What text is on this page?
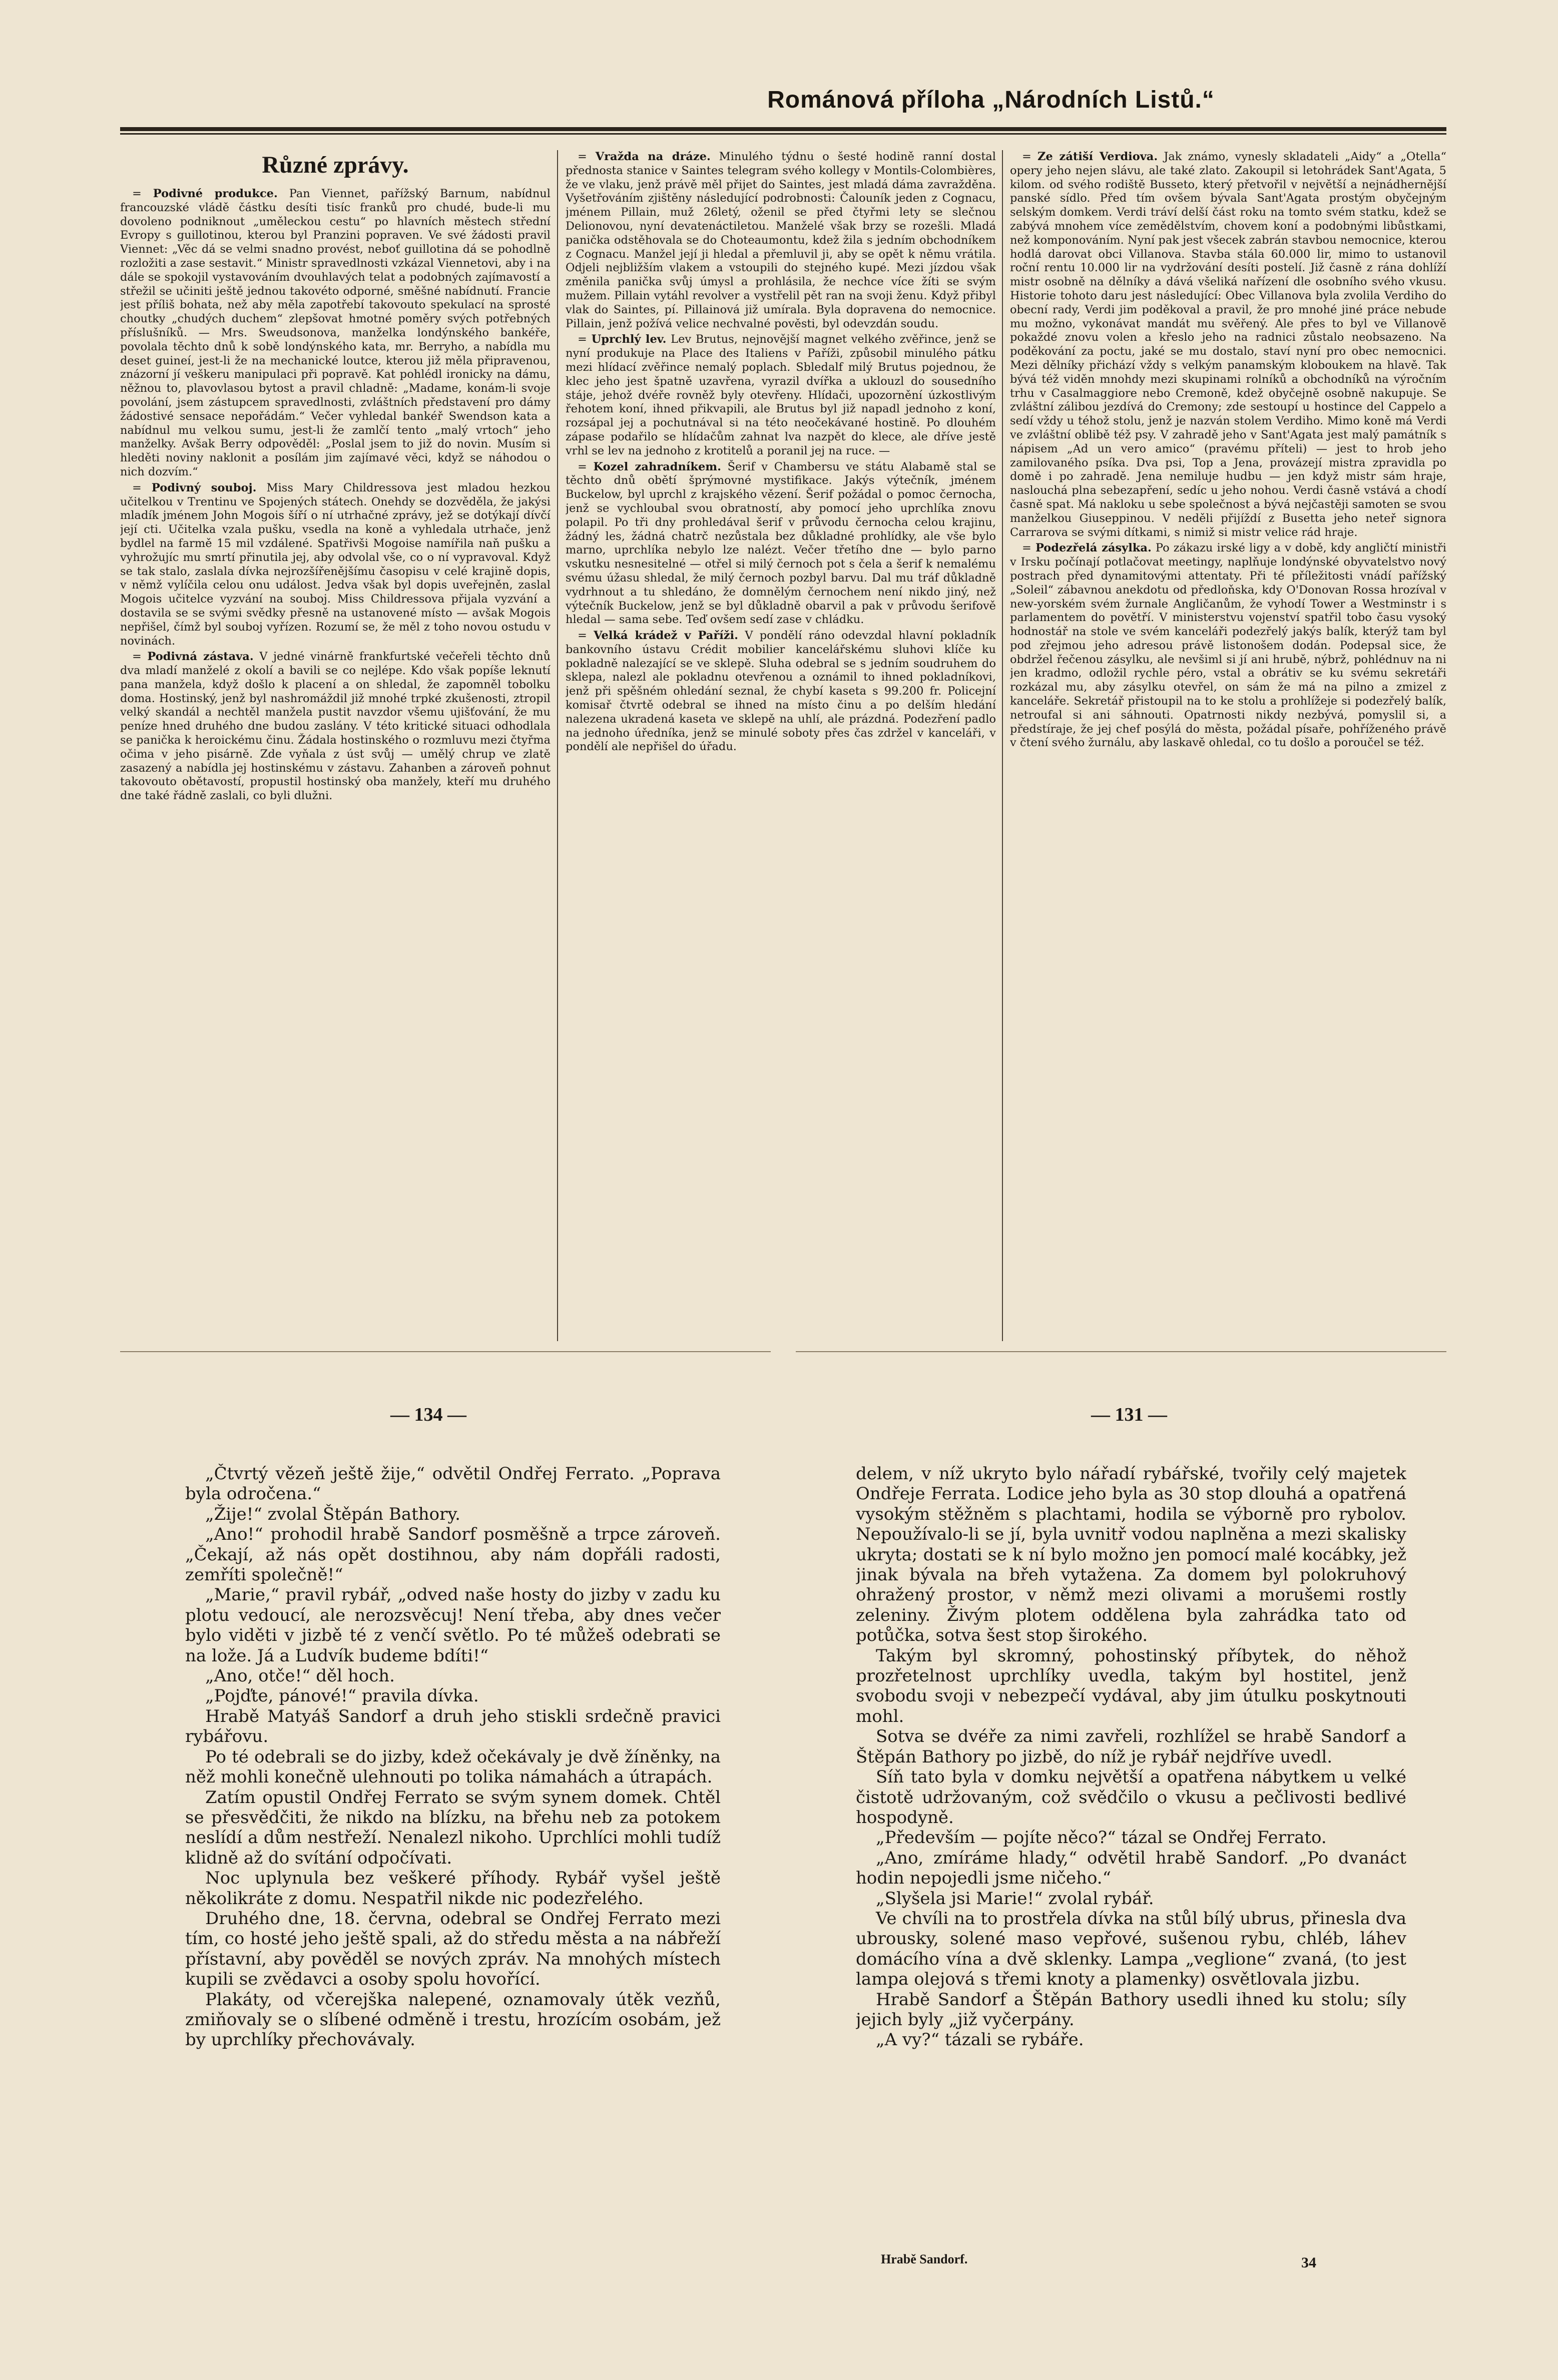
Románová příloha „Národních Listů.“
Různé zprávy.

= Podivné produkce. Pan Viennet, pařížský Barnum, nabídnul francouzské vládě částku desíti tisíc franků pro chudé, bude-li mu dovoleno podniknout „uměleckou cestu“ po hlavních městech střední Evropy s guillotinou, kterou byl Pranzini popraven. Ve své žádosti pravil Viennet: „Věc dá se velmi snadno provést, neboť guillotina dá se pohodlně rozložiti a zase sestavit.“ Ministr spravedlnosti vzkázal Viennetovi, aby i na dále se spokojil vystavováním dvouhlavých telat a podobných zajímavostí a střežil se učiniti ještě jednou takovéto odporné, směšné nabídnutí. Francie jest příliš bohata, než aby měla zapotřebí takovouto spekulací na sprosté choutky „chudých duchem“ zlepšovat hmotné poměry svých potřebných příslušníků. — Mrs. Sweudsonova, manželka londýnského bankéře, povolala těchto dnů k sobě londýnského kata, mr. Berryho, a nabídla mu deset guineí, jest-li že na mechanické loutce, kterou již měla připravenou, znázorní jí veškeru manipulaci při popravě. Kat pohlédl ironicky na dámu, něžnou to, plavovlasou bytost a pravil chladně: „Madame, konám-li svoje povolání, jsem zástupcem spravedlnosti, zvláštních představení pro dámy žádostivé sensace nepořádám.“ Večer vyhledal bankéř Swendson kata a nabídnul mu velkou sumu, jest-li že zamlčí tento „malý vrtoch“ jeho manželky. Avšak Berry odpověděl: „Poslal jsem to již do novin. Musím si hleděti noviny naklonit a posílám jim zajímavé věci, když se náhodou o nich dozvím.“

= Podivný souboj. Miss Mary Childressova jest mladou hezkou učitelkou v Trentinu ve Spojených státech. Onehdy se dozvěděla, že jakýsi mladík jménem John Mogois šíří o ní utrhačné zprávy, jež se dotýkají dívčí její cti. Učitelka vzala pušku, vsedla na koně a vyhledala utrhače, jenž bydlel na farmě 15 mil vzdálené. Spatřivši Mogoise namířila naň pušku a vyhrožujíc mu smrtí přinutila jej, aby odvolal vše, co o ní vypravoval. Když se tak stalo, zaslala dívka nejrozšířenějšímu časopisu v celé krajině dopis, v němž vylíčila celou onu událost. Jedva však byl dopis uveřejněn, zaslal Mogois učitelce vyzvání na souboj. Miss Childressova přijala vyzvání a dostavila se se svými svědky přesně na ustanovené místo — avšak Mogois nepřišel, čímž byl souboj vyřízen. Rozumí se, že měl z toho novou ostudu v novinách.

= Podivná zástava. V jedné vinárně frankfurtské večeřeli těchto dnů dva mladí manželé z okolí a bavili se co nejlépe. Kdo však popíše leknutí pana manžela, když došlo k placení a on shledal, že zapomněl tobolku doma. Hostinský, jenž byl nashromáždil již mnohé trpké zkušenosti, ztropil velký skandál a nechtěl manžela pustit navzdor všemu ujišťování, že mu peníze hned druhého dne budou zaslány. V této kritické situaci odhodlala se panička k heroickému činu. Žádala hostinského o rozmluvu mezi čtyřma očima v jeho pisárně. Zde vyňala z úst svůj — umělý chrup ve zlatě zasazený a nabídla jej hostinskému v zástavu. Zahanben a zároveň pohnut takovouto obětavostí, propustil hostinský oba manžely, kteří mu druhého dne také řádně zaslali, co byli dlužni.

= Vražda na dráze. Minulého týdnu o šesté hodině ranní dostal přednosta stanice v Saintes telegram svého kollegy v Montils-Colombières, že ve vlaku, jenž právě měl přijet do Saintes, jest mladá dáma zavražděna. Vyšetřováním zjištěny následující podrobnosti: Čalouník jeden z Cognacu, jménem Pillain, muž 26letý, oženil se před čtyřmi lety se slečnou Delionovou, nyní devatenáctiletou. Manželé však brzy se rozešli. Mladá panička odstěhovala se do Choteaumontu, kdež žila s jedním obchodníkem z Cognacu. Manžel její ji hledal a přemluvil ji, aby se opět k němu vrátila. Odjeli nejbližším vlakem a vstoupili do stejného kupé. Mezi jízdou však změnila panička svůj úmysl a prohlásila, že nechce více žíti se svým mužem. Pillain vytáhl revolver a vystřelil pět ran na svoji ženu. Když přibyl vlak do Saintes, pí. Pillainová již umírala. Byla dopravena do nemocnice. Pillain, jenž požívá velice nechvalné pověsti, byl odevzdán soudu.

= Uprchlý lev. Lev Brutus, nejnovější magnet velkého zvěřince, jenž se nyní produkuje na Place des Italiens v Paříži, způsobil minulého pátku mezi hlídací zvěřince nemalý poplach. Sbledalf milý Brutus pojednou, že klec jeho jest špatně uzavřena, vyrazil dvířka a uklouzl do sousedního stáje, jehož dvéře rovněž byly otevřeny. Hlídači, upozornění úzkostlivým řehotem koní, ihned přikvapili, ale Brutus byl již napadl jednoho z koní, rozsápal jej a pochutnával si na této neočekávané hostině. Po dlouhém zápase podařilo se hlídačům zahnat lva nazpět do klece, ale dříve jestě vrhl se lev na jednoho z krotitelů a poranil jej na ruce. —

= Kozel zahradníkem. Šerif v Chambersu ve státu Alabamě stal se těchto dnů obětí šprýmovné mystifikace. Jakýs výtečník, jménem Buckelow, byl uprchl z krajského vězení. Šerif požádal o pomoc černocha, jenž se vychloubal svou obratností, aby pomocí jeho uprchlíka znovu polapil. Po tři dny prohledával šerif v průvodu černocha celou krajinu, žádný les, žádná chatrč nezůstala bez důkladné prohlídky, ale vše bylo marno, uprchlíka nebylo lze nalézt. Večer třetího dne — bylo parno vskutku nesnesitelné — otřel si milý černoch pot s čela a šerif k nemalému svému úžasu shledal, že milý černoch pozbyl barvu. Dal mu tráf důkladně vydrhnout a tu shledáno, že domnělým černochem není nikdo jiný, než výtečník Buckelow, jenž se byl důkladně obarvil a pak v průvodu šerifově hledal — sama sebe. Teď ovšem sedí zase v chládku.

= Velká krádež v Paříži. V pondělí ráno odevzdal hlavní pokladník bankovního ústavu Crédit mobilier kancelářskému sluhovi klíče ku pokladně nalezající se ve sklepě. Sluha odebral se s jedním soudruhem do sklepa, nalezl ale pokladnu otevřenou a oznámil to ihned pokladníkovi, jenž při spěšném ohledání seznal, že chybí kaseta s 99.200 fr. Policejní komisař čtvrtě odebral se ihned na místo činu a po delším hledání nalezena ukradená kaseta ve sklepě na uhlí, ale prázdná. Podezření padlo na jednoho úředníka, jenž se minulé soboty přes čas zdržel v kanceláři, v pondělí ale nepřišel do úřadu.

= Ze zátiší Verdiova. Jak známo, vynesly skladateli „Aidy“ a „Otella“ opery jeho nejen slávu, ale také zlato. Zakoupil si letohrádek Sant'Agata, 5 kilom. od svého rodiště Busseto, který přetvořil v největší a nejnádhernější panské sídlo. Před tím ovšem bývala Sant'Agata prostým obyčejným selským domkem. Verdi tráví delší část roku na tomto svém statku, kdež se zabývá mnohem více zemědělstvím, chovem koní a podobnými libůstkami, než komponováním. Nyní pak jest všecek zabrán stavbou nemocnice, kterou hodlá darovat obci Villanova. Stavba stála 60.000 lir, mimo to ustanovil roční rentu 10.000 lir na vydržování desíti postelí. Již časně z rána dohlíží mistr osobně na dělníky a dává všeliká nařízení dle osobního svého vkusu. Historie tohoto daru jest následující: Obec Villanova byla zvolila Verdiho do obecní rady, Verdi jim poděkoval a pravil, že pro mnohé jiné práce nebude mu možno, vykonávat mandát mu svěřený. Ale přes to byl ve Villanově pokaždé znovu volen a křeslo jeho na radnici zůstalo neobsazeno. Na poděkování za poctu, jaké se mu dostalo, staví nyní pro obec nemocnici. Mezi dělníky přichází vždy s velkým panamským kloboukem na hlavě. Tak bývá též viděn mnohdy mezi skupinami rolníků a obchodníků na výročním trhu v Casalmaggiore nebo Cremoně, kdež obyčejně osobně nakupuje. Se zvláštní zálibou jezdívá do Cremony; zde sestoupí u hostince del Cappelo a sedí vždy u téhož stolu, jenž je nazván stolem Verdiho. Mimo koně má Verdi ve zvláštní oblibě též psy. V zahradě jeho v Sant'Agata jest malý památník s nápisem „Ad un vero amico“ (pravému příteli) — jest to hrob jeho zamilovaného psíka. Dva psi, Top a Jena, provázejí mistra zpravidla po domě i po zahradě. Jena nemiluje hudbu — jen když mistr sám hraje, naslouchá plna sebezapření, sedíc u jeho nohou. Verdi časně vstává a chodí časně spat. Má nakloku u sebe společnost a bývá nejčastěji samoten se svou manželkou Giuseppinou. V neděli přijíždí z Busetta jeho neteř signora Carrarova se svými dítkami, s nimiž si mistr velice rád hraje.

= Podezřelá zásylka. Po zákazu irské ligy a v době, kdy angličtí ministři v Irsku počínají potlačovat meetingy, naplňuje londýnské obyvatelstvo nový postrach před dynamitovými attentaty. Při té příležitosti vnádí pařížský „Soleil“ zábavnou anekdotu od předloňska, kdy O'Donovan Rossa hrozíval v new-yorském svém žurnale Angličanům, že vyhodí Tower a Westminstr i s parlamentem do povětří. V ministerstvu vojenství spatřil tobo času vysoký hodnostář na stole ve svém kanceláři podezřelý jakýs balík, kterýž tam byl pod zřejmou jeho adresou právě listonošem dodán. Podepsal sice, že obdržel řečenou zásylku, ale nevšiml si jí ani hrubě, nýbrž, pohlédnuv na ni jen kradmo, odložil rychle péro, vstal a obrátiv se ku svému sekretáři rozkázal mu, aby zásylku otevřel, on sám že má na pilno a zmizel z kanceláře. Sekretář přistoupil na to ke stolu a prohlížeje si podezřelý balík, netroufal si ani sáhnouti. Opatrnosti nikdy nezbývá, pomyslil si, a předstíraje, že jej chef posýlá do města, požádal písaře, pohříženého právě v čtení svého žurnálu, aby laskavě ohledal, co tu došlo a poroučel se též.

— 134 —	— 131 —

„Čtvrtý vězeň ještě žije,“ odvětil Ondřej Ferrato. „Poprava byla odročena.“

„Žije!“ zvolal Štěpán Bathory.

„Ano!“ prohodil hrabě Sandorf posměšně a trpce zároveň. „Čekají, až nás opět dostihnou, aby nám dopřáli radosti, zemříti společně!“

„Marie,“ pravil rybář, „odved naše hosty do jizby v zadu ku plotu vedoucí, ale nerozsvěcuj! Není třeba, aby dnes večer bylo viděti v jizbě té z venčí světlo. Po té můžeš odebrati se na lože. Já a Ludvík budeme bdíti!“

„Ano, otče!“ děl hoch.

„Pojďte, pánové!“ pravila dívka.

Hrabě Matyáš Sandorf a druh jeho stiskli srdečně pravici rybářovu.

Po té odebrali se do jizby, kdež očekávaly je dvě žíněnky, na něž mohli konečně ulehnouti po tolika námahách a útrapách.

Zatím opustil Ondřej Ferrato se svým synem domek. Chtěl se přesvědčiti, že nikdo na blízku, na břehu neb za potokem neslídí a dům nestřeží. Nenalezl nikoho. Uprchlíci mohli tudíž klidně až do svítání odpočívati.

Noc uplynula bez veškeré příhody. Rybář vyšel ještě několikráte z domu. Nespatřil nikde nic podezřelého.

Druhého dne, 18. června, odebral se Ondřej Ferrato mezi tím, co hosté jeho ještě spali, až do středu města a na nábřeží přístavní, aby pověděl se nových zpráv. Na mnohých místech kupili se zvědavci a osoby spolu hovořící.

Plakáty, od včerejška nalepené, oznamovaly útěk vezňů, zmiňovaly se o slíbené odměně i trestu, hrozícím osobám, jež by uprchlíky přechovávaly.

delem, v níž ukryto bylo nářadí rybářské, tvořily celý majetek Ondřeje Ferrata. Lodice jeho byla as 30 stop dlouhá a opatřená vysokým stěžněm s plachtami, hodila se výborně pro rybolov. Nepoužívalo-li se jí, byla uvnitř vodou naplněna a mezi skalisky ukryta; dostati se k ní bylo možno jen pomocí malé kocábky, jež jinak bývala na břeh vytažena. Za domem byl polokruhový ohražený prostor, v němž mezi olivami a morušemi rostly zeleniny. Živým plotem oddělena byla zahrádka tato od potůčka, sotva šest stop širokého.

Takým byl skromný, pohostinský příbytek, do něhož prozřetelnost uprchlíky uvedla, takým byl hostitel, jenž svobodu svoji v nebezpečí vydával, aby jim útulku poskytnouti mohl.

Sotva se dvéře za nimi zavřeli, rozhlížel se hrabě Sandorf a Štěpán Bathory po jizbě, do níž je rybář nejdříve uvedl.

Síň tato byla v domku největší a opatřena nábytkem u velké čistotě udržovaným, což svědčilo o vkusu a pečlivosti bedlivé hospodyně.

„Především — pojíte něco?“ tázal se Ondřej Ferrato.

„Ano, zmíráme hlady,“ odvětil hrabě Sandorf. „Po dvanáct hodin nepojedli jsme ničeho.“

„Slyšela jsi Marie!“ zvolal rybář.

Ve chvíli na to prostřela dívka na stůl bílý ubrus, přinesla dva ubrousky, solené maso vepřové, sušenou rybu, chléb, láhev domácího vína a dvě sklenky. Lampa „veglione“ zvaná, (to jest lampa olejová s třemi knoty a plamenky) osvětlovala jizbu.

Hrabě Sandorf a Štěpán Bathory usedli ihned ku stolu; síly jejich byly „již vyčerpány.

„A vy?“ tázali se rybáře.

Hrabě Sandorf.	34
